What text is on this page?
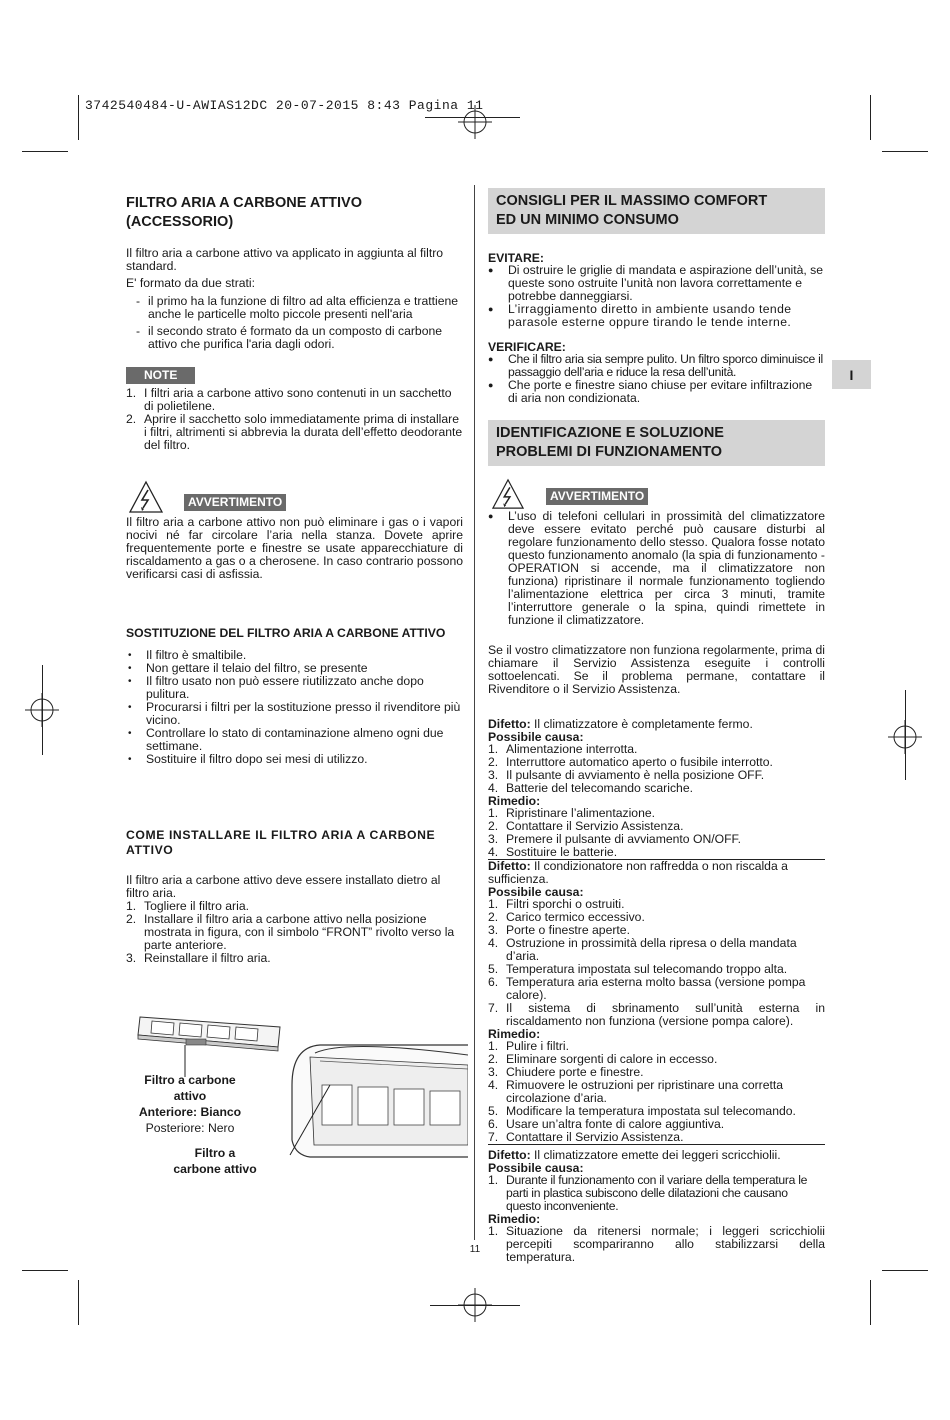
3742540484-U-AWIAS12DC 20-07-2015 8:43 Pagina 11
I
FILTRO ARIA A CARBONE ATTIVO
(ACCESSORIO)

Il filtro aria a carbone attivo va applicato in aggiunta al filtro standard.

E' formato da due strati:

- il primo ha la funzione di filtro ad alta efficienza e trattiene anche le particelle molto piccole presenti nell'aria
- il secondo strato é formato da un composto di carbone attivo che purifica l'aria dagli odori.
NOTE
1. I filtri aria a carbone attivo sono contenuti in un sacchetto di polietilene.
2. Aprire il sacchetto solo immediatamente prima di installare i filtri, altrimenti si abbrevia la durata dell’effetto deodorante del filtro.
AVVERTIMENTO

Il filtro aria a carbone attivo non può eliminare i gas o i vapori nocivi né far circolare l’aria nella stanza. Dovete aprire frequentemente porte e finestre se usate apparecchiature di riscaldamento a gas o a cherosene. In caso contrario possono verificarsi casi di asfissia.

SOSTITUZIONE DEL FILTRO ARIA A CARBONE ATTIVO
• Il filtro è smaltibile.
• Non gettare il telaio del filtro, se presente
• Il filtro usato non può essere riutilizzato anche dopo pulitura.
• Procurarsi i filtri per la sostituzione presso il rivenditore più vicino.
• Controllare lo stato di contaminazione almeno ogni due settimane.
• Sostituire il filtro dopo sei mesi di utilizzo.
COME INSTALLARE IL FILTRO ARIA A CARBONE
ATTIVO

Il filtro aria a carbone attivo deve essere installato dietro al filtro aria.

1. Togliere il filtro aria.
2. Installare il filtro aria a carbone attivo nella posizione mostrata in figura, con il simbolo “FRONT” rivolto verso la parte anteriore.
3. Reinstallare il filtro aria.
Filtro a carbone
attivo
Anteriore: Bianco
Posteriore: Nero
Filtro a
carbone attivo
CONSIGLI PER IL MASSIMO COMFORT
ED UN MINIMO CONSUMO
EVITARE:
●	Di ostruire le griglie di mandata e aspirazione dell’unità, se queste sono ostruite l’unità non lavora correttamente e potrebbe danneggiarsi.
●	L’irraggiamento diretto in ambiente usando tende parasole esterne oppure tirando le tende interne.
VERIFICARE:
●	Che il filtro aria sia sempre pulito. Un filtro sporco diminuisce il passaggio dell’aria e riduce la resa dell’unità.
●	Che porte e finestre siano chiuse per evitare infiltrazione di aria non condizionata.
IDENTIFICAZIONE E SOLUZIONE
PROBLEMI DI FUNZIONAMENTO
AVVERTIMENTO
●	L’uso di telefoni cellulari in prossimità del climatizzatore deve essere evitato perché può causare disturbi al regolare funzionamento dello stesso. Qualora fosse notato questo funzionamento anomalo (la spia di funzionamento - OPERATION si accende, ma il climatizzatore non funziona) ripristinare il normale funzionamento togliendo l’alimentazione elettrica per circa 3 minuti, tramite l’interruttore generale o la spina, quindi rimettete in funzione il climatizzatore.

Se il vostro climatizzatore non funziona regolarmente, prima di chiamare il Servizio Assistenza eseguite i controlli sottoelencati. Se il problema permane, contattare il Rivenditore o il Servizio Assistenza.

Difetto: Il climatizzatore è completamente fermo.

Possibile causa:
1. Alimentazione interrotta.
2. Interruttore automatico aperto o fusibile interrotto.
3. Il pulsante di avviamento è nella posizione OFF.
4. Batterie del telecomando scariche.
Rimedio:
1. Ripristinare l’alimentazione.
2. Contattare il Servizio Assistenza.
3. Premere il pulsante di avviamento ON/OFF.
4. Sostituire le batterie.

Difetto: Il condizionatore non raffredda o non riscalda a sufficienza.

Possibile causa:
1. Filtri sporchi o ostruiti.
2. Carico termico eccessivo.
3. Porte o finestre aperte.
4. Ostruzione in prossimità della ripresa o della mandata d’aria.
5. Temperatura impostata sul telecomando troppo alta.
6. Temperatura aria esterna molto bassa (versione pompa calore).
7. Il sistema di sbrinamento sull’unità esterna in riscaldamento non funziona (versione pompa calore).
Rimedio:
1. Pulire i filtri.
2. Eliminare sorgenti di calore in eccesso.
3. Chiudere porte e finestre.
4. Rimuovere le ostruzioni per ripristinare una corretta circolazione d’aria.
5. Modificare la temperatura impostata sul telecomando.
6. Usare un’altra fonte di calore aggiuntiva.
7. Contattare il Servizio Assistenza.

Difetto: Il climatizzatore emette dei leggeri scricchiolii.

Possibile causa:
1. Durante il funzionamento con il variare della temperatura le parti in plastica subiscono delle dilatazioni che causano questo inconveniente.
Rimedio:
1. Situazione da ritenersi normale; i leggeri scricchiolii percepiti scompariranno allo stabilizzarsi della temperatura.
11
